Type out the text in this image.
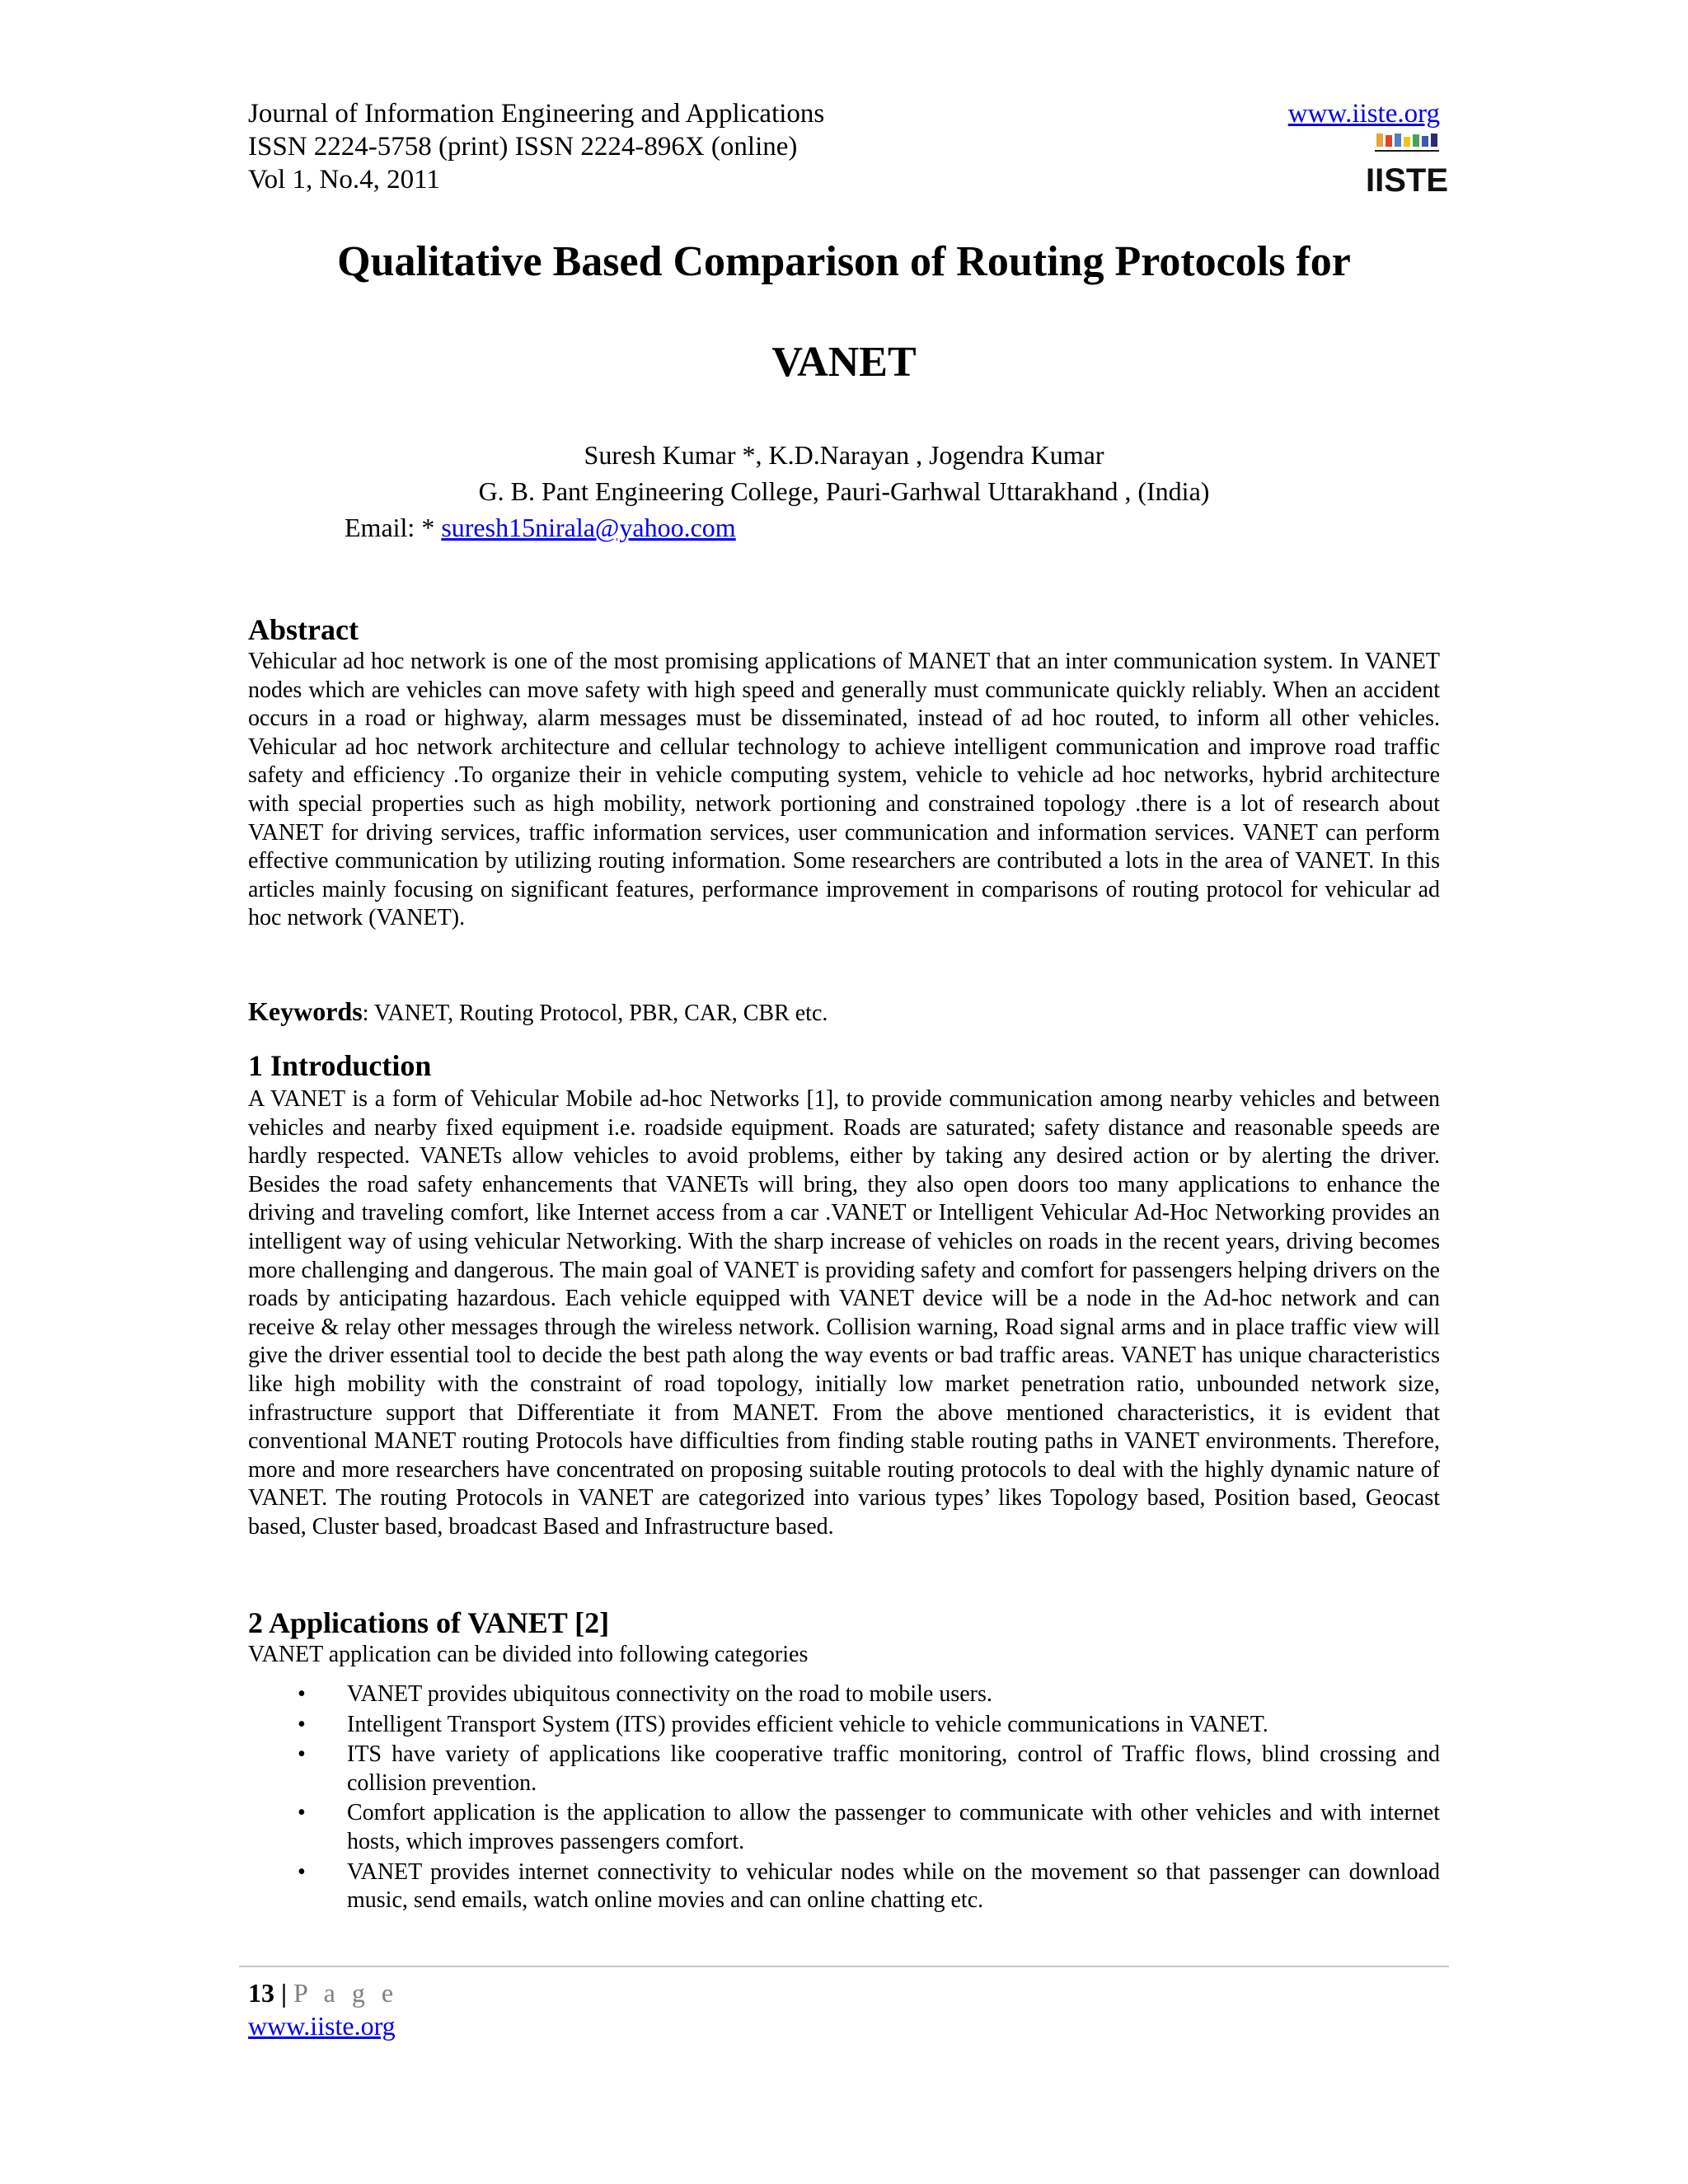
Journal of Information Engineering and Applications
ISSN 2224-5758 (print) ISSN 2224-896X (online)
Vol 1, No.4, 2011
www.iiste.org
IISTE
Qualitative Based Comparison of Routing Protocols for
VANET
Suresh Kumar *, K.D.Narayan , Jogendra Kumar
G. B. Pant Engineering College, Pauri-Garhwal Uttarakhand , (India)
Email: * suresh15nirala@yahoo.com
Abstract
Vehicular ad hoc network is one of the most promising applications of MANET that an inter communication system. In VANET nodes which are vehicles can move safety with high speed and generally must communicate quickly reliably. When an accident occurs in a road or highway, alarm messages must be disseminated, instead of ad hoc routed, to inform all other vehicles. Vehicular ad hoc network architecture and cellular technology to achieve intelligent communication and improve road traffic safety and efficiency .To organize their in vehicle computing system, vehicle to vehicle ad hoc networks, hybrid architecture with special properties such as high mobility, network portioning and constrained topology .there is a lot of research about VANET for driving services, traffic information services, user communication and information services. VANET can perform effective communication by utilizing routing information. Some researchers are contributed a lots in the area of VANET. In this articles mainly focusing on significant features, performance improvement in comparisons of routing protocol for vehicular ad hoc network (VANET).
Keywords: VANET, Routing Protocol, PBR, CAR, CBR etc.
1 Introduction
A VANET is a form of Vehicular Mobile ad-hoc Networks [1], to provide communication among nearby vehicles and between vehicles and nearby fixed equipment i.e. roadside equipment. Roads are saturated; safety distance and reasonable speeds are hardly respected. VANETs allow vehicles to avoid problems, either by taking any desired action or by alerting the driver. Besides the road safety enhancements that VANETs will bring, they also open doors too many applications to enhance the driving and traveling comfort, like Internet access from a car .VANET or Intelligent Vehicular Ad-Hoc Networking provides an intelligent way of using vehicular Networking. With the sharp increase of vehicles on roads in the recent years, driving becomes more challenging and dangerous. The main goal of VANET is providing safety and comfort for passengers helping drivers on the roads by anticipating hazardous. Each vehicle equipped with VANET device will be a node in the Ad-hoc network and can receive & relay other messages through the wireless network. Collision warning, Road signal arms and in place traffic view will give the driver essential tool to decide the best path along the way events or bad traffic areas. VANET has unique characteristics like high mobility with the constraint of road topology, initially low market penetration ratio, unbounded network size, infrastructure support that Differentiate it from MANET. From the above mentioned characteristics, it is evident that conventional MANET routing Protocols have difficulties from finding stable routing paths in VANET environments. Therefore, more and more researchers have concentrated on proposing suitable routing protocols to deal with the highly dynamic nature of VANET. The routing Protocols in VANET are categorized into various types’ likes Topology based, Position based, Geocast based, Cluster based, broadcast Based and Infrastructure based.
2 Applications of VANET [2]
VANET application can be divided into following categories
• VANET provides ubiquitous connectivity on the road to mobile users.
• Intelligent Transport System (ITS) provides efficient vehicle to vehicle communications in VANET.
• ITS have variety of applications like cooperative traffic monitoring, control of Traffic flows, blind crossing and collision prevention.
• Comfort application is the application to allow the passenger to communicate with other vehicles and with internet hosts, which improves passengers comfort.
• VANET provides internet connectivity to vehicular nodes while on the movement so that passenger can download music, send emails, watch online movies and can online chatting etc.
13 | P a g e
www.iiste.org
